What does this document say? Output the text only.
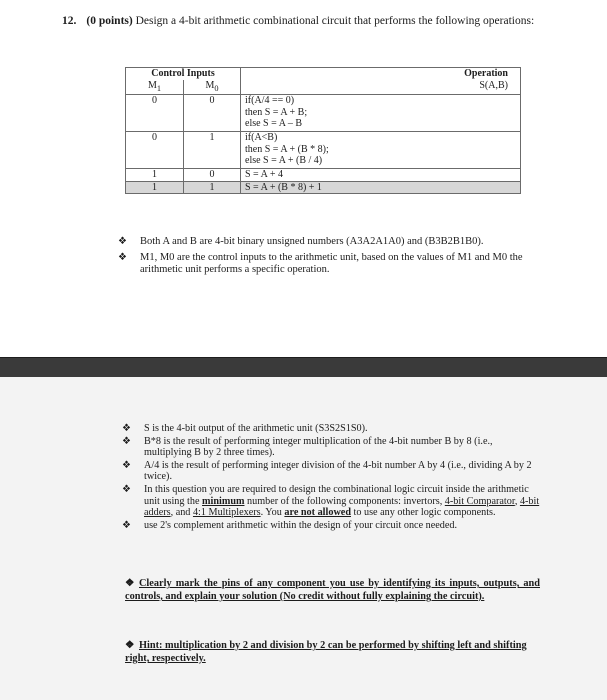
12. (0 points) Design a 4-bit arithmetic combinational circuit that performs the following operations:
Control Inputs		Operation
$M_1$	$M_0$	S(A,B)
0	0	if(A/4 == 0)
then S = A + B;
else S = A – B

0	1	if(A<B)
then S = A + (B * 8);
else S = A + (B / 4)

1	0	S = A + 4

1	1	S = A + (B * 8) + 1
❖ Both A and B are 4-bit binary unsigned numbers (A3A2A1A0) and (B3B2B1B0).
❖ M1, M0 are the control inputs to the arithmetic unit, based on the values of M1 and M0 the arithmetic unit performs a specific operation.
❖ S is the 4-bit output of the arithmetic unit (S3S2S1S0).
❖ B*8 is the result of performing integer multiplication of the 4-bit number B by 8 (i.e., multiplying B by 2 three times).
❖ A/4 is the result of performing integer division of the 4-bit number A by 4 (i.e., dividing A by 2 twice).
❖ In this question you are required to design the combinational logic circuit inside the arithmetic unit using the minimum number of the following components: invertors, 4-bit Comparator, 4-bit adders, and 4:1 Multiplexers. You are not allowed to use any other logic components.
❖ use 2's complement arithmetic within the design of your circuit once needed.
❖ Clearly mark the pins of any component you use by identifying its inputs, outputs, and controls, and explain your solution (No credit without fully explaining the circuit).
❖ Hint: multiplication by 2 and division by 2 can be performed by shifting left and shifting right, respectively.
